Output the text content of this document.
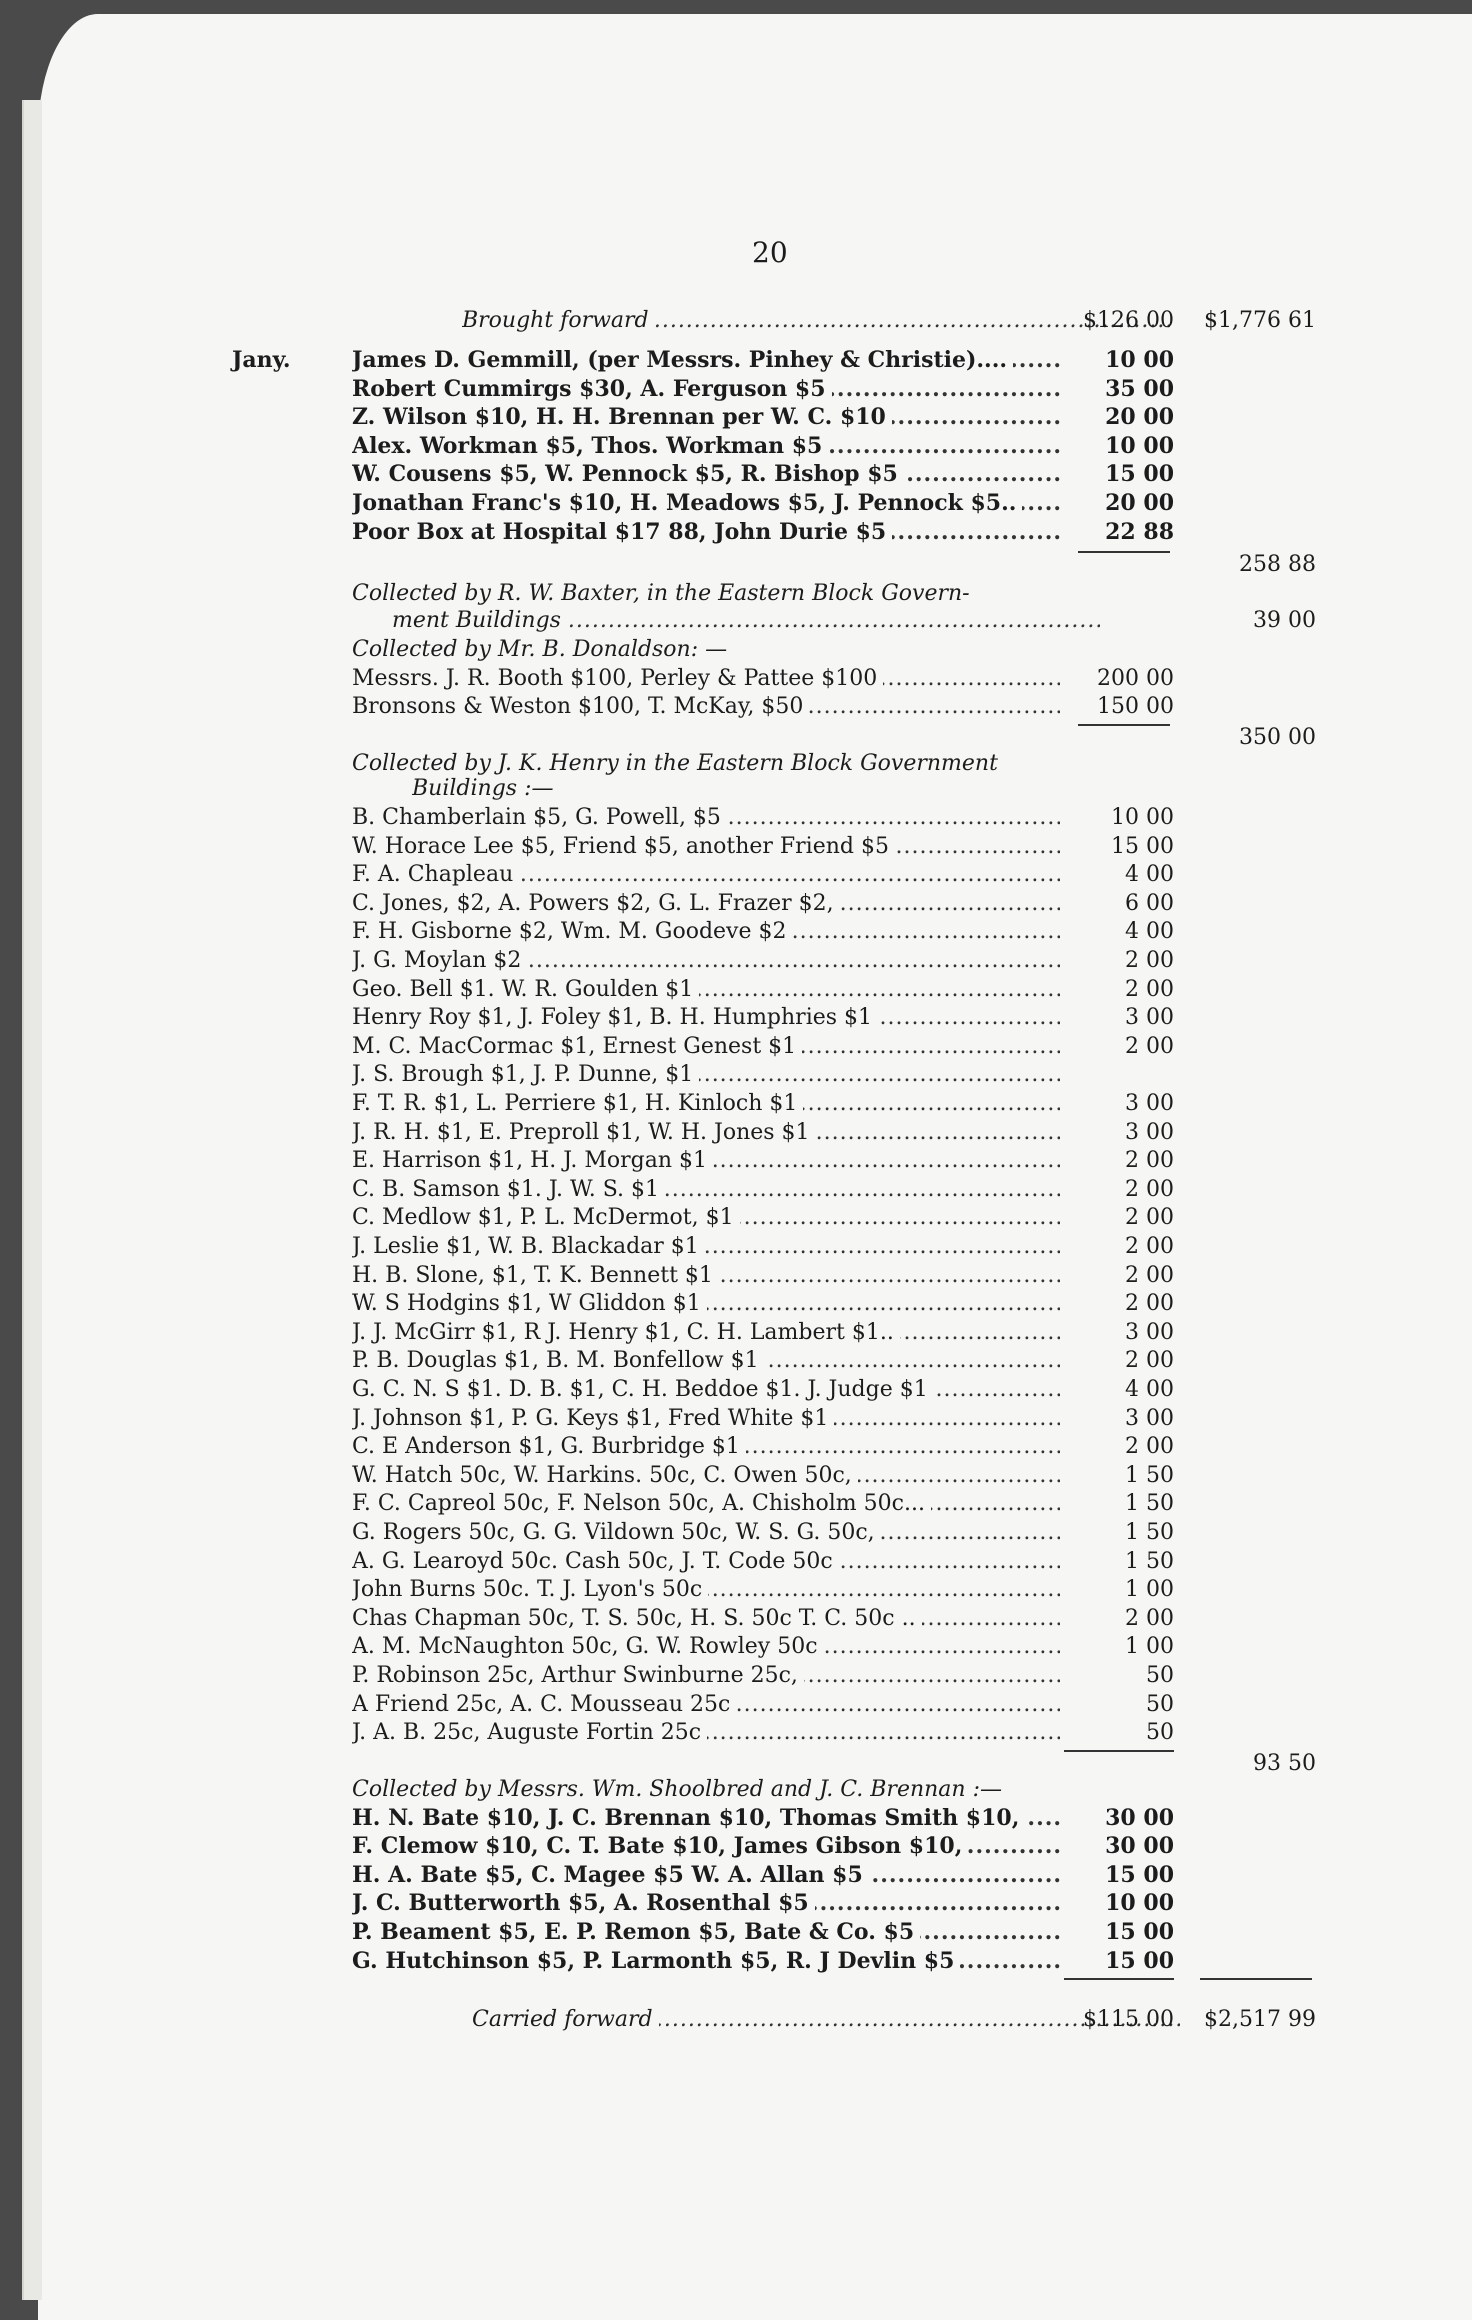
20
Brought forward .....	$126 00	$1,776 61
Jany.	James D. Gemmill, (per Messrs. Pinhey & Christie).... .....	10 00
Robert Cummirgs $30, A. Ferguson $5 .....	35 00
Z. Wilson $10, H. H. Brennan per W. C. $10 .....	20 00
Alex. Workman $5, Thos. Workman $5 .....	10 00
W. Cousens $5, W. Pennock $5, R. Bishop $5 .....	15 00
Jonathan Franc's $10, H. Meadows $5, J. Pennock $5.. .....	20 00
Poor Box at Hospital $17 88, John Durie $5 .....	22 88
258 88
Collected by R. W. Baxter, in the Eastern Block Govern-
ment Buildings .....	39 00
Collected by Mr. B. Donaldson: —
Messrs. J. R. Booth $100, Perley & Pattee $100 .....	200 00
Bronsons & Weston $100, T. McKay, $50 .....	150 00
350 00
Collected by J. K. Henry in the Eastern Block Government
Buildings :—
B. Chamberlain $5, G. Powell, $5 .....	10 00
W. Horace Lee $5, Friend $5, another Friend $5 .....	15 00
F. A. Chapleau .....	4 00
C. Jones, $2, A. Powers $2, G. L. Frazer $2, .....	6 00
F. H. Gisborne $2, Wm. M. Goodeve $2 .....	4 00
J. G. Moylan $2 .....	2 00
Geo. Bell $1. W. R. Goulden $1 .....	2 00
Henry Roy $1, J. Foley $1, B. H. Humphries $1 .....	3 00
M. C. MacCormac $1, Ernest Genest $1 .....	2 00
J. S. Brough $1, J. P. Dunne, $1 .....
F. T. R. $1, L. Perriere $1, H. Kinloch $1 .....	3 00
J. R. H. $1, E. Preproll $1, W. H. Jones $1 .....	3 00
E. Harrison $1, H. J. Morgan $1 .....	2 00
C. B. Samson $1. J. W. S. $1 .....	2 00
C. Medlow $1, P. L. McDermot, $1 .....	2 00
J. Leslie $1, W. B. Blackadar $1 .....	2 00
H. B. Slone, $1, T. K. Bennett $1 .....	2 00
W. S Hodgins $1, W Gliddon $1 .....	2 00
J. J. McGirr $1, R J. Henry $1, C. H. Lambert $1.. .....	3 00
P. B. Douglas $1, B. M. Bonfellow $1 .....	2 00
G. C. N. S $1. D. B. $1, C. H. Beddoe $1. J. Judge $1 .....	4 00
J. Johnson $1, P. G. Keys $1, Fred White $1 .....	3 00
C. E Anderson $1, G. Burbridge $1 .....	2 00
W. Hatch 50c, W. Harkins. 50c, C. Owen 50c, .....	1 50
F. C. Capreol 50c, F. Nelson 50c, A. Chisholm 50c... .....	1 50
G. Rogers 50c, G. G. Vildown 50c, W. S. G. 50c, .....	1 50
A. G. Learoyd 50c. Cash 50c, J. T. Code 50c .....	1 50
John Burns 50c. T. J. Lyon's 50c .....	1 00
Chas Chapman 50c, T. S. 50c, H. S. 50c T. C. 50c .. .....	2 00
A. M. McNaughton 50c, G. W. Rowley 50c .....	1 00
P. Robinson 25c, Arthur Swinburne 25c, .....	50
A Friend 25c, A. C. Mousseau 25c .....	50
J. A. B. 25c, Auguste Fortin 25c .....	50
93 50
Collected by Messrs. Wm. Shoolbred and J. C. Brennan :—
H. N. Bate $10, J. C. Brennan $10, Thomas Smith $10, .....	30 00
F. Clemow $10, C. T. Bate $10, James Gibson $10, .....	30 00
H. A. Bate $5, C. Magee $5 W. A. Allan $5 .....	15 00
J. C. Butterworth $5, A. Rosenthal $5 .....	10 00
P. Beament $5, E. P. Remon $5, Bate & Co. $5 .....	15 00
G. Hutchinson $5, P. Larmonth $5, R. J Devlin $5 .....	15 00
Carried forward .....	$115 00	$2,517 99
